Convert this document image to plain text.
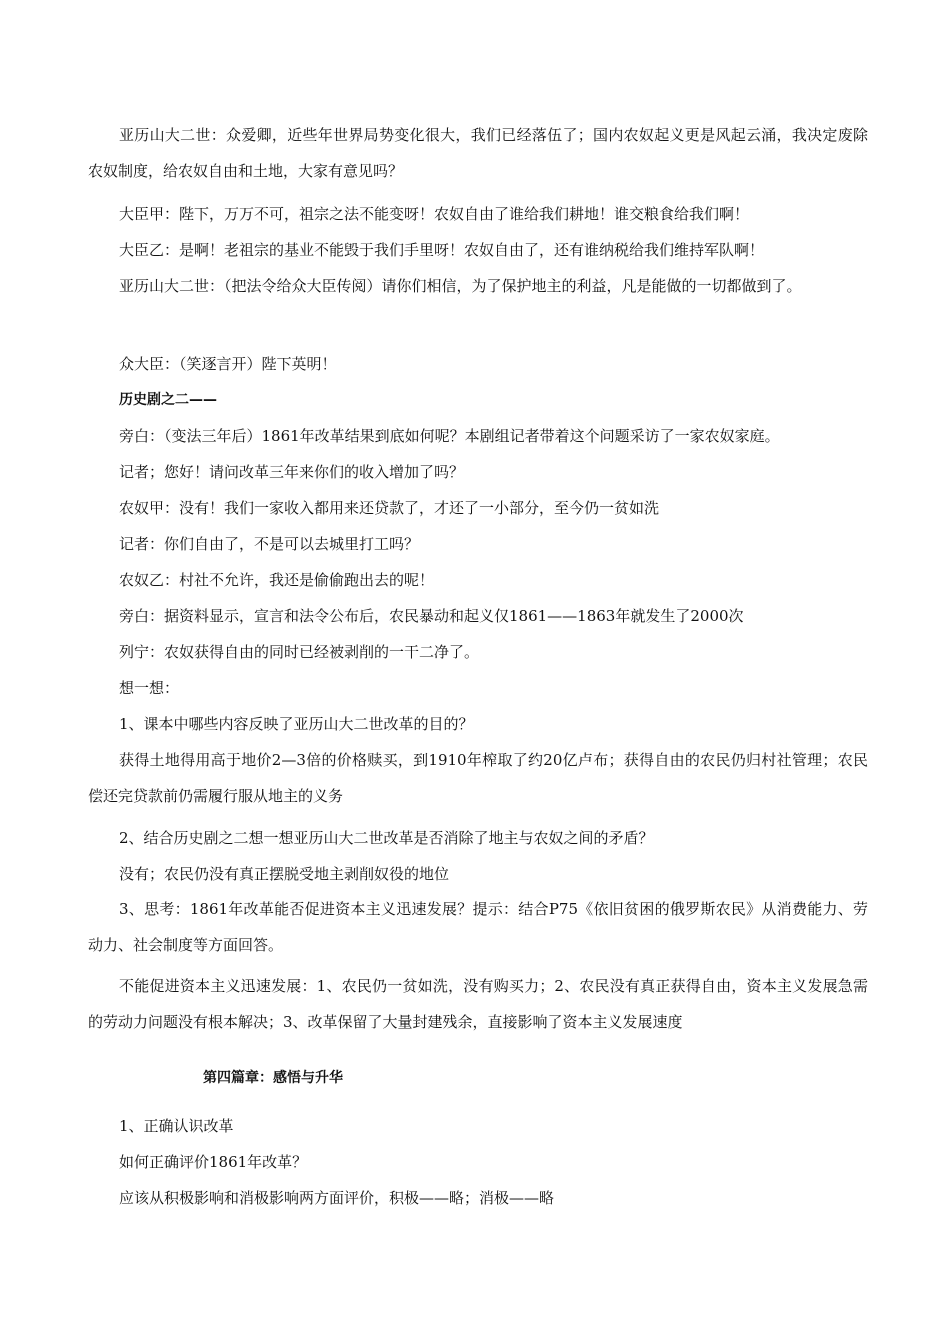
亚历山大二世：众爱卿，近些年世界局势变化很大，我们已经落伍了；国内农奴起义更是风起云涌，我决定废除农奴制度，给农奴自由和土地，大家有意见吗？

大臣甲：陛下，万万不可，祖宗之法不能变呀！农奴自由了谁给我们耕地！谁交粮食给我们啊！

大臣乙：是啊！老祖宗的基业不能毁于我们手里呀！农奴自由了，还有谁纳税给我们维持军队啊！

亚历山大二世：（把法令给众大臣传阅）请你们相信，为了保护地主的利益，凡是能做的一切都做到了。

众大臣：（笑逐言开）陛下英明！

历史剧之二——

旁白：（变法三年后）1861年改革结果到底如何呢？本剧组记者带着这个问题采访了一家农奴家庭。

记者；您好！请问改革三年来你们的收入增加了吗？

农奴甲：没有！我们一家收入都用来还贷款了，才还了一小部分，至今仍一贫如洗

记者：你们自由了，不是可以去城里打工吗？

农奴乙：村社不允许，我还是偷偷跑出去的呢！

旁白：据资料显示，宣言和法令公布后，农民暴动和起义仅1861——1863年就发生了2000次

列宁：农奴获得自由的同时已经被剥削的一干二净了。

想一想：

1、课本中哪些内容反映了亚历山大二世改革的目的？

获得土地得用高于地价2—3倍的价格赎买，到1910年榨取了约20亿卢布；获得自由的农民仍归村社管理；农民偿还完贷款前仍需履行服从地主的义务

2、结合历史剧之二想一想亚历山大二世改革是否消除了地主与农奴之间的矛盾？

没有；农民仍没有真正摆脱受地主剥削奴役的地位

3、思考：1861年改革能否促进资本主义迅速发展？提示：结合P75《依旧贫困的俄罗斯农民》从消费能力、劳动力、社会制度等方面回答。

不能促进资本主义迅速发展：1、农民仍一贫如洗，没有购买力；2、农民没有真正获得自由，资本主义发展急需的劳动力问题没有根本解决；3、改革保留了大量封建残余，直接影响了资本主义发展速度

第四篇章：感悟与升华

1、正确认识改革

如何正确评价1861年改革？

应该从积极影响和消极影响两方面评价，积极——略；消极——略
